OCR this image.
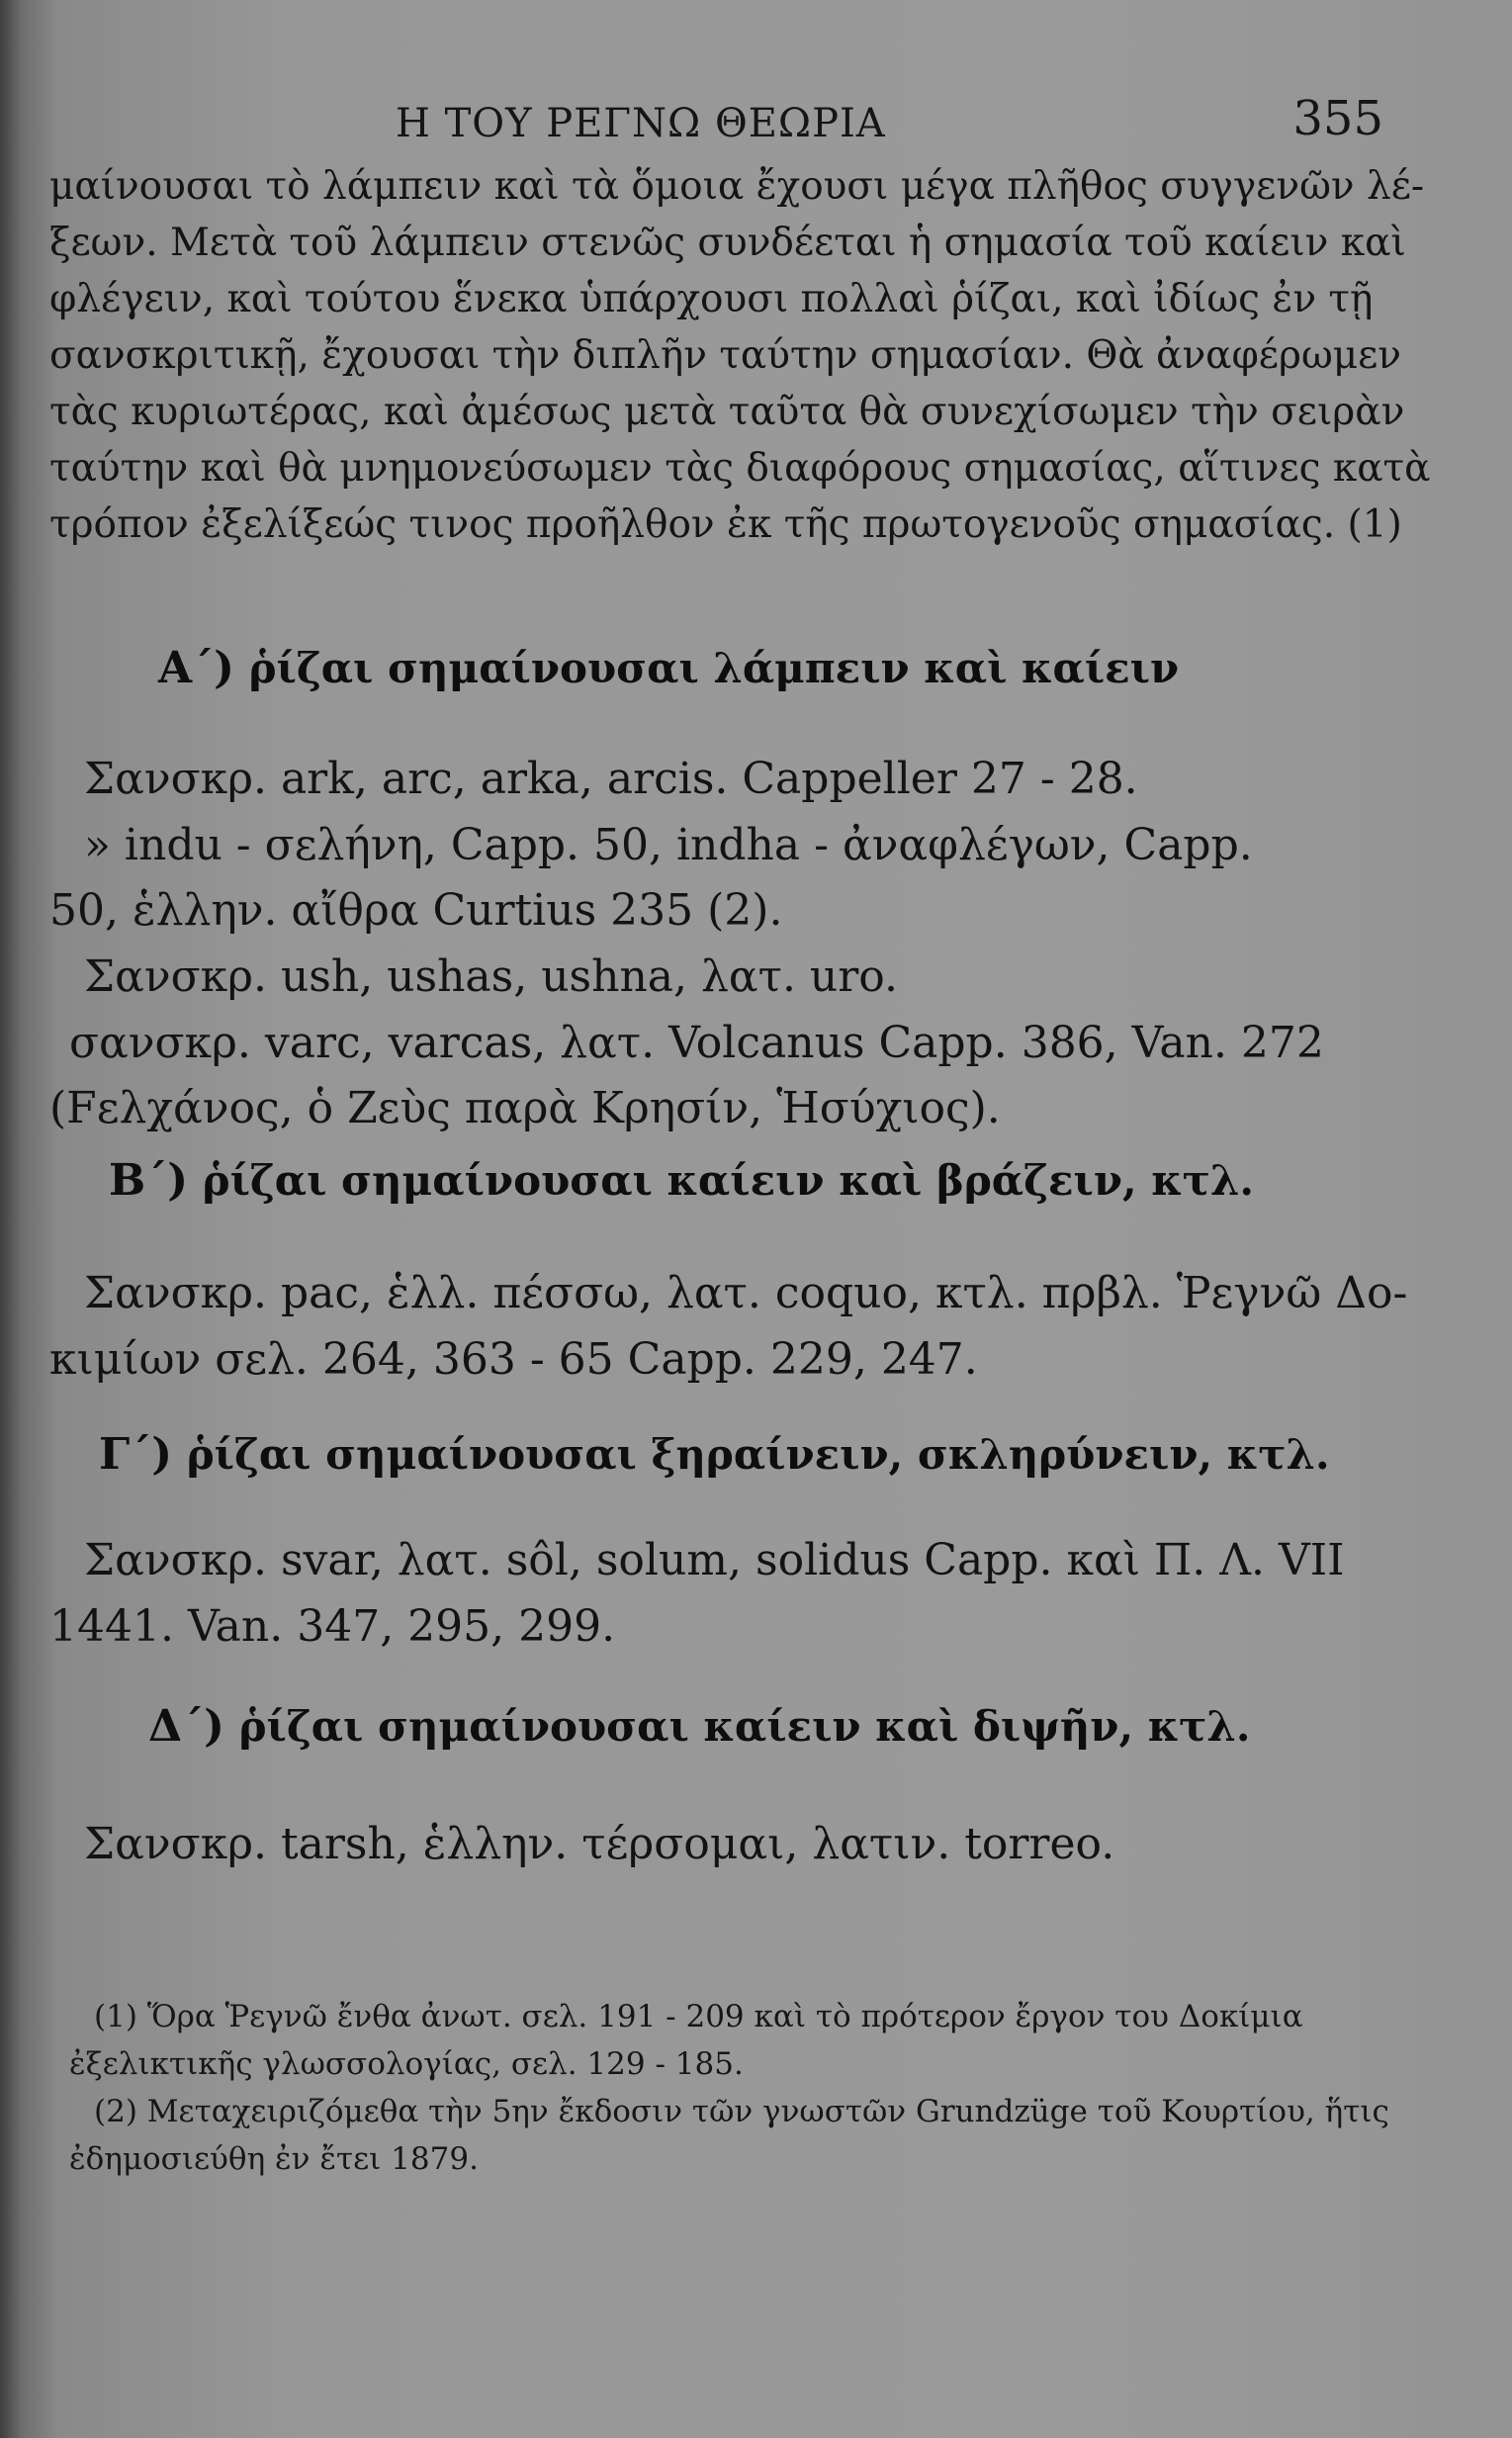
Η ΤΟΥ ΡΕΓΝΩ ΘΕΩΡΙΑ	355
μαίνουσαι τὸ λάμπειν καὶ τὰ ὅμοια ἔχουσι μέγα πλῆθος συγγενῶν λέ-
ξεων. Μετὰ τοῦ λάμπειν στενῶς συνδέεται ἡ σημασία τοῦ καίειν καὶ
φλέγειν, καὶ τούτου ἕνεκα ὑπάρχουσι πολλαὶ ῥίζαι, καὶ ἰδίως ἐν τῇ
σανσκριτικῇ, ἔχουσαι τὴν διπλῆν ταύτην σημασίαν. Θὰ ἀναφέρωμεν
τὰς κυριωτέρας, καὶ ἀμέσως μετὰ ταῦτα θὰ συνεχίσωμεν τὴν σειρὰν
ταύτην καὶ θὰ μνημονεύσωμεν τὰς διαφόρους σημασίας, αἵτινες κατὰ
τρόπον ἐξελίξεώς τινος προῆλθον ἐκ τῆς πρωτογενοῦς σημασίας. (1)
Α΄) ῥίζαι σημαίνουσαι λάμπειν καὶ καίειν
Σανσκρ. ark, arc, arka, arcis. Cappeller 27 - 28.
» indu - σελήνη, Capp. 50, indha - ἀναφλέγων, Capp.
50, ἑλλην. αἴθρα Curtius 235 (2).
Σανσκρ. ush, ushas, ushna, λατ. uro.
σανσκρ. varc, varcas, λατ. Volcanus Capp. 386, Van. 272
(Fελχάνος, ὁ Ζεὺς παρὰ Κρησίν, Ἡσύχιος).
Β΄) ῥίζαι σημαίνουσαι καίειν καὶ βράζειν, κτλ.
Σανσκρ. pac, ἑλλ. πέσσω, λατ. coquo, κτλ. πρβλ. Ῥεγνῶ Δο-
κιμίων σελ. 264, 363 - 65 Capp. 229, 247.
Γ΄) ῥίζαι σημαίνουσαι ξηραίνειν, σκληρύνειν, κτλ.
Σανσκρ. svar, λατ. sôl, solum, solidus Capp. καὶ Π. Λ. VII
1441. Van. 347, 295, 299.
Δ΄) ῥίζαι σημαίνουσαι καίειν καὶ διψῆν, κτλ.
Σανσκρ. tarsh, ἑλλην. τέρσομαι, λατιν. torreo.
(1) Ὅρα Ῥεγνῶ ἔνθα ἀνωτ. σελ. 191 - 209 καὶ τὸ πρότερον ἔργον του Δοκίμια
ἐξελικτικῆς γλωσσολογίας, σελ. 129 - 185.
(2) Μεταχειριζόμεθα τὴν 5ην ἔκδοσιν τῶν γνωστῶν Grundzüge τοῦ Κουρτίου, ἥτις
ἐδημοσιεύθη ἐν ἔτει 1879.
